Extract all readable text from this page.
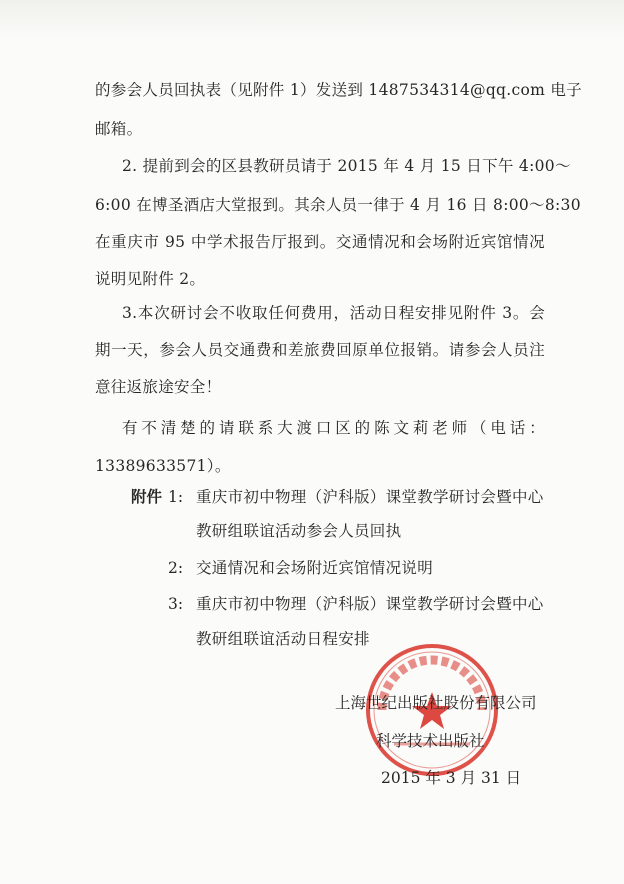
的参会人员回执表（见附件 1）发送到 1487534314@qq.com 电子
邮箱。
2. 提前到会的区县教研员请于 2015 年 4 月 15 日下午 4:00～
6:00 在博圣酒店大堂报到。其余人员一律于 4 月 16 日 8:00～8:30
在重庆市 95 中学术报告厅报到。交通情况和会场附近宾馆情况
说明见附件 2。
3.本次研讨会不收取任何费用，活动日程安排见附件 3。会
期一天，参会人员交通费和差旅费回原单位报销。请参会人员注
意往返旅途安全！
有不清楚的请联系大渡口区的陈文莉老师（电话：
13389633571）。
附件 1: 重庆市初中物理（沪科版）课堂教学研讨会暨中心
教研组联谊活动参会人员回执
2: 交通情况和会场附近宾馆情况说明
3: 重庆市初中物理（沪科版）课堂教学研讨会暨中心
教研组联谊活动日程安排
上海世纪出版社股份有限公司
科学技术出版社
2015 年 3 月 31 日
